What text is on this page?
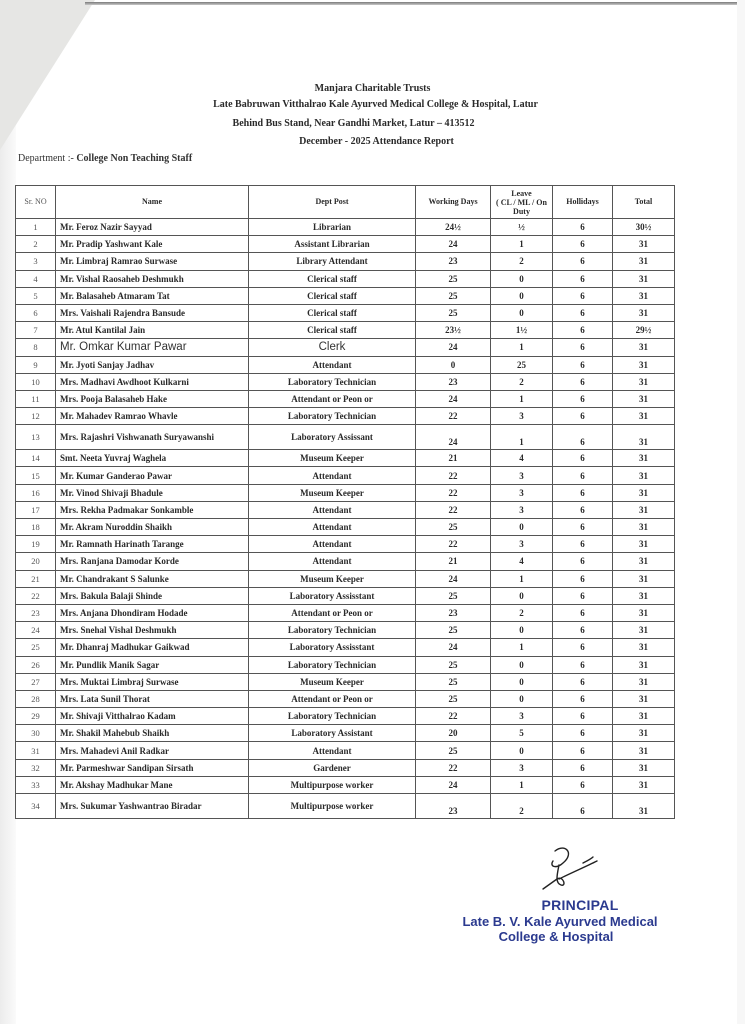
Manjara Charitable Trusts
Late Babruwan Vitthalrao Kale Ayurved Medical College & Hospital, Latur
Behind Bus Stand, Near Gandhi Market, Latur – 413512
December - 2025 Attendance Report
Department :- College Non Teaching Staff
Sr. NO	Name	Dept Post	Working Days	Leave
( CL / ML / On
Duty	Hollidays	Total
1	Mr. Feroz Nazir Sayyad	Librarian	24½	½	6	30½
2	Mr. Pradip Yashwant Kale	Assistant Librarian	24	1	6	31
3	Mr. Limbraj Ramrao Surwase	Library Attendant	23	2	6	31
4	Mr. Vishal Raosaheb Deshmukh	Clerical staff	25	0	6	31
5	Mr. Balasaheb Atmaram Tat	Clerical staff	25	0	6	31
6	Mrs. Vaishali Rajendra Bansude	Clerical staff	25	0	6	31
7	Mr. Atul Kantilal Jain	Clerical staff	23½	1½	6	29½
8	Mr. Omkar Kumar Pawar	Clerk	24	1	6	31
9	Mr. Jyoti Sanjay Jadhav	Attendant	0	25	6	31
10	Mrs. Madhavi Awdhoot Kulkarni	Laboratory Technician	23	2	6	31
11	Mrs. Pooja Balasaheb Hake	Attendant or Peon or	24	1	6	31
12	Mr. Mahadev Ramrao Whavle	Laboratory Technician	22	3	6	31
13	Mrs. Rajashri Vishwanath Suryawanshi	Laboratory Assissant	24	1	6	31
14	Smt. Neeta Yuvraj Waghela	Museum Keeper	21	4	6	31
15	Mr. Kumar Ganderao Pawar	Attendant	22	3	6	31
16	Mr. Vinod Shivaji Bhadule	Museum Keeper	22	3	6	31
17	Mrs. Rekha Padmakar Sonkamble	Attendant	22	3	6	31
18	Mr. Akram Nuroddin Shaikh	Attendant	25	0	6	31
19	Mr. Ramnath Harinath Tarange	Attendant	22	3	6	31
20	Mrs. Ranjana Damodar Korde	Attendant	21	4	6	31
21	Mr. Chandrakant S Salunke	Museum Keeper	24	1	6	31
22	Mrs. Bakula Balaji Shinde	Laboratory Assisstant	25	0	6	31
23	Mrs. Anjana Dhondiram Hodade	Attendant or Peon or	23	2	6	31
24	Mrs. Snehal Vishal Deshmukh	Laboratory Technician	25	0	6	31
25	Mr. Dhanraj Madhukar Gaikwad	Laboratory Assisstant	24	1	6	31
26	Mr. Pundlik Manik Sagar	Laboratory Technician	25	0	6	31
27	Mrs. Muktai Limbraj Surwase	Museum Keeper	25	0	6	31
28	Mrs. Lata Sunil Thorat	Attendant or Peon or	25	0	6	31
29	Mr. Shivaji Vitthalrao Kadam	Laboratory Technician	22	3	6	31
30	Mr. Shakil Mahebub Shaikh	Laboratory Assistant	20	5	6	31
31	Mrs. Mahadevi Anil Radkar	Attendant	25	0	6	31
32	Mr. Parmeshwar Sandipan Sirsath	Gardener	22	3	6	31
33	Mr. Akshay Madhukar Mane	Multipurpose worker	24	1	6	31
34	Mrs. Sukumar Yashwantrao Biradar	Multipurpose worker	23	2	6	31
PRINCIPAL
Late B. V. Kale Ayurved Medical
College & Hospital
